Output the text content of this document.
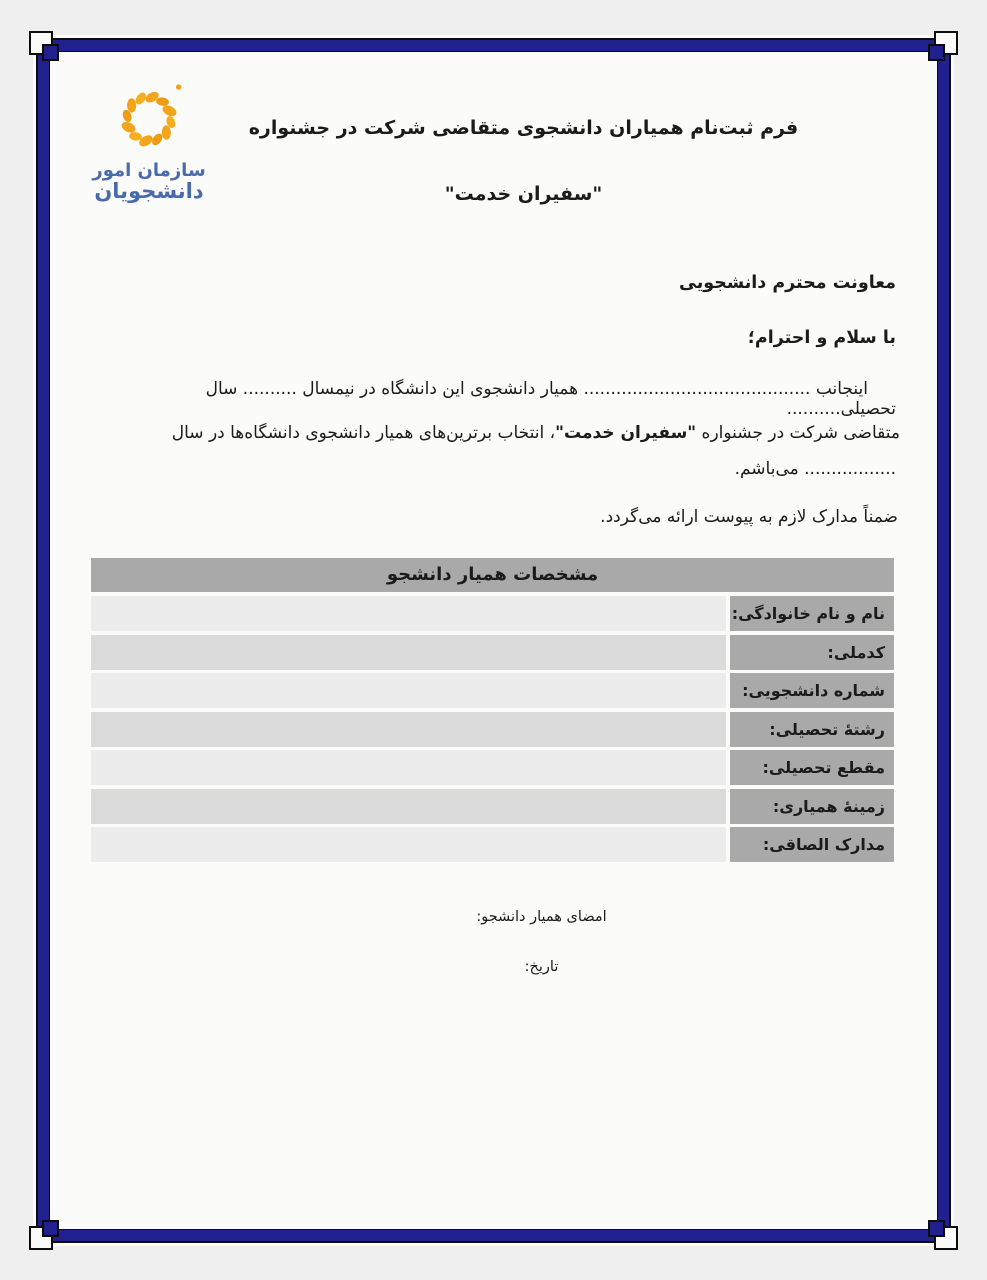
سازمان امور
دانشجویان
فرم ثبت‌نام همیاران دانشجوی متقاضی شرکت در جشنواره
"سفیران خدمت"
معاونت محترم دانشجویی
با سلام و احترام؛
اینجانب .......................................... همیار دانشجوی این دانشگاه در نیمسال .......... سال تحصیلی..........
متقاضی شرکت در جشنواره "سفیران خدمت"، انتخاب برترین‌های همیار دانشجوی دانشگاه‌ها در سال
................. می‌باشم.
ضمناً مدارک لازم به پیوست ارائه می‌گردد.
مشخصات همیار دانشجو
نام و نام خانوادگی:
کدملی:
شماره دانشجویی:
رشتهٔ تحصیلی:
مقطع تحصیلی:
زمینهٔ همیاری:
مدارک الصاقی:
امضای همیار دانشجو:
تاریخ:
